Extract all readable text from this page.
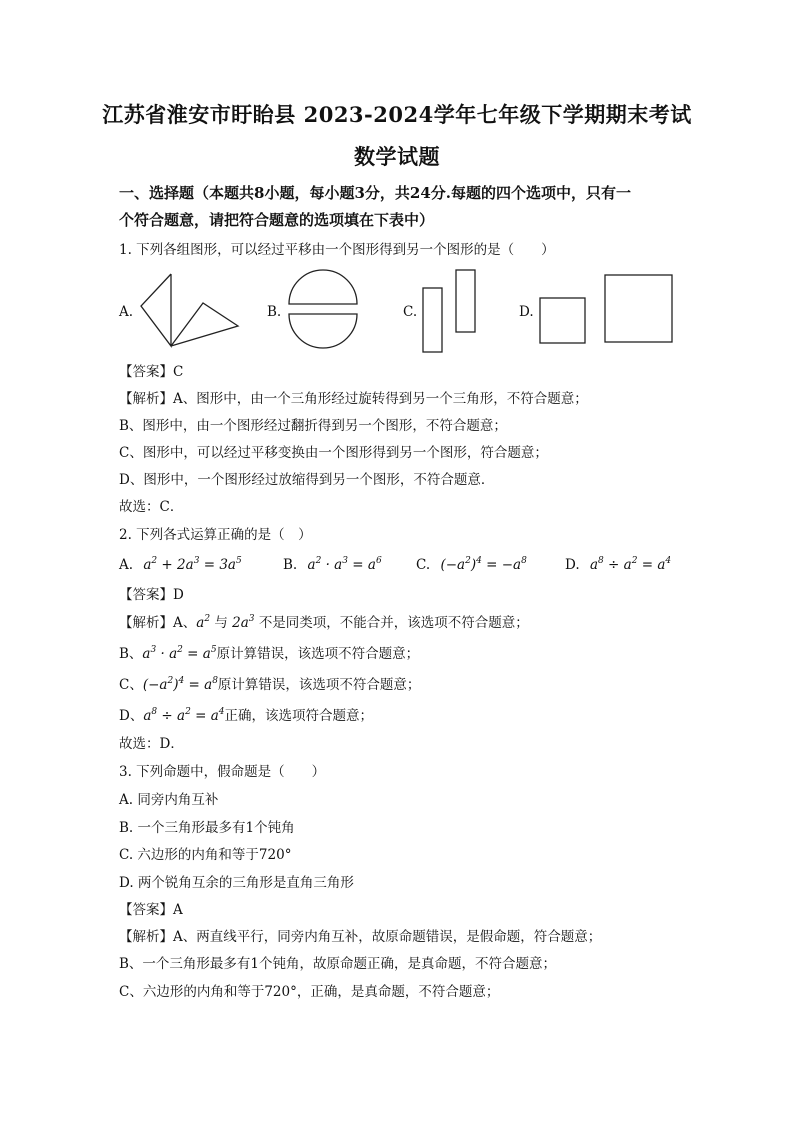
江苏省淮安市盱眙县 2023-2024学年七年级下学期期末考试
数学试题
一、选择题（本题共8小题，每小题3分，共24分.每题的四个选项中，只有一
个符合题意，请把符合题意的选项填在下表中）
1. 下列各组图形，可以经过平移由一个图形得到另一个图形的是（　　）
A.	B.	C.	D.
【答案】C
【解析】A、图形中，由一个三角形经过旋转得到另一个三角形，不符合题意；
B、图形中，由一个图形经过翻折得到另一个图形，不符合题意；
C、图形中，可以经过平移变换由一个图形得到另一个图形，符合题意；
D、图形中，一个图形经过放缩得到另一个图形，不符合题意．
故选：C．
2. 下列各式运算正确的是（　）
A. $a^2 + 2a^3 = 3a^5$	B. $a^2 \cdot a^3 = a^6$	C. $(-a^2)^4 = -a^8$	D. $a^8 \div a^2 = a^4$
【答案】D
【解析】A、$a^2$ 与 $2a^3$ 不是同类项，不能合并，该选项不符合题意；
B、$a^3 \cdot a^2 = a^5$原计算错误，该选项不符合题意；
C、$(-a^2)^4 = a^8$原计算错误，该选项不符合题意；
D、$a^8 \div a^2 = a^4$正确，该选项符合题意；
故选：D．
3. 下列命题中，假命题是（　　）
A. 同旁内角互补
B. 一个三角形最多有1个钝角
C. 六边形的内角和等于720°
D. 两个锐角互余的三角形是直角三角形
【答案】A
【解析】A、两直线平行，同旁内角互补，故原命题错误，是假命题，符合题意；
B、一个三角形最多有1个钝角，故原命题正确，是真命题，不符合题意；
C、六边形的内角和等于720°，正确，是真命题，不符合题意；
